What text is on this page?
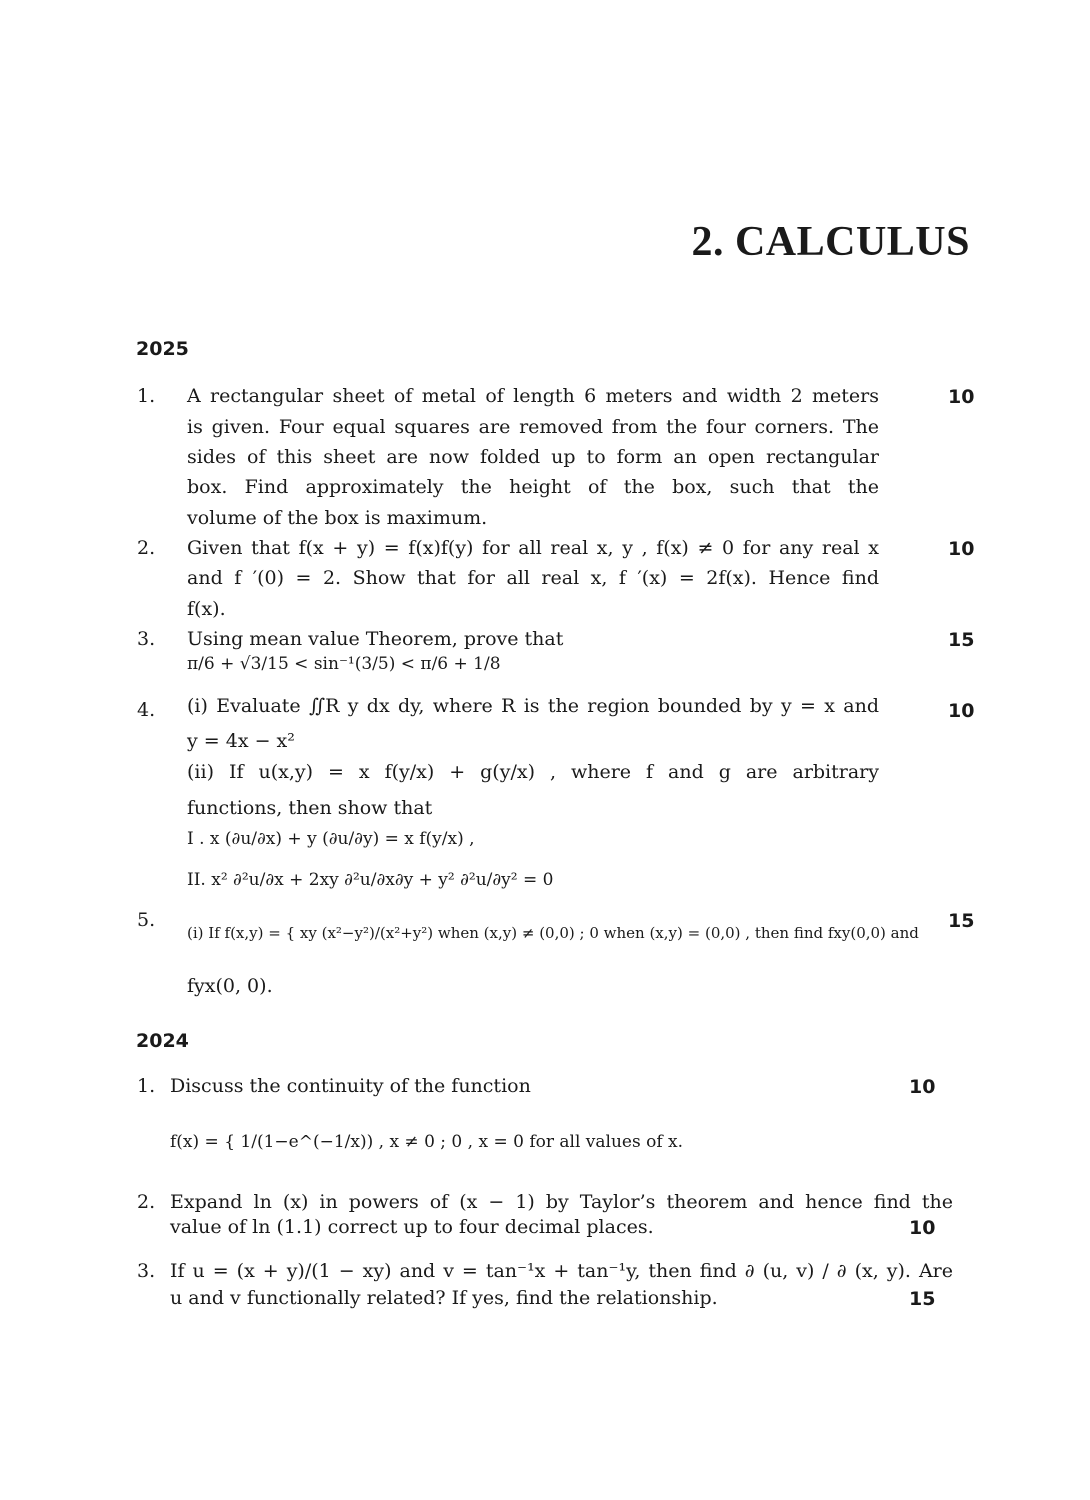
2. CALCULUS
2025
1.	10
A rectangular sheet of metal of length 6 meters and width 2 meters
is given. Four equal squares are removed from the four corners. The
sides of this sheet are now folded up to form an open rectangular
box. Find approximately the height of the box, such that the
volume of the box is maximum.
2.	10
Given that f(x + y) = f(x)f(y) for all real x, y , f(x) ≠ 0 for any real x
and f ′(0) = 2. Show that for all real x, f ′(x) = 2f(x). Hence find
f(x).
3.	15
Using mean value Theorem, prove that
π/6 + √3/15 < sin⁻¹(3/5) < π/6 + 1/8
4.	10
(i) Evaluate ∬R y dx dy, where R is the region bounded by y = x and
y = 4x − x²
(ii) If u(x,y) = x f(y/x) + g(y/x) , where f and g are arbitrary
functions, then show that
I . x (∂u/∂x) + y (∂u/∂y) = x f(y/x) ,
II. x² ∂²u/∂x + 2xy ∂²u/∂x∂y + y² ∂²u/∂y² = 0
5.	15
(i) If f(x,y) = { xy (x²−y²)/(x²+y²) when (x,y) ≠ (0,0) ; 0 when (x,y) = (0,0) , then find fxy(0,0) and
fyx(0, 0).
2024
1. Discuss the continuity of the function	10
f(x) = { 1/(1−e^(−1/x)) , x ≠ 0 ; 0 , x = 0 for all values of x.
2. Expand ln (x) in powers of (x − 1) by Taylor’s theorem and hence find the
value of ln (1.1) correct up to four decimal places.	10
3. If u = (x + y)/(1 − xy) and v = tan⁻¹x + tan⁻¹y, then find ∂ (u, v) / ∂ (x, y). Are
u and v functionally related? If yes, find the relationship.	15
